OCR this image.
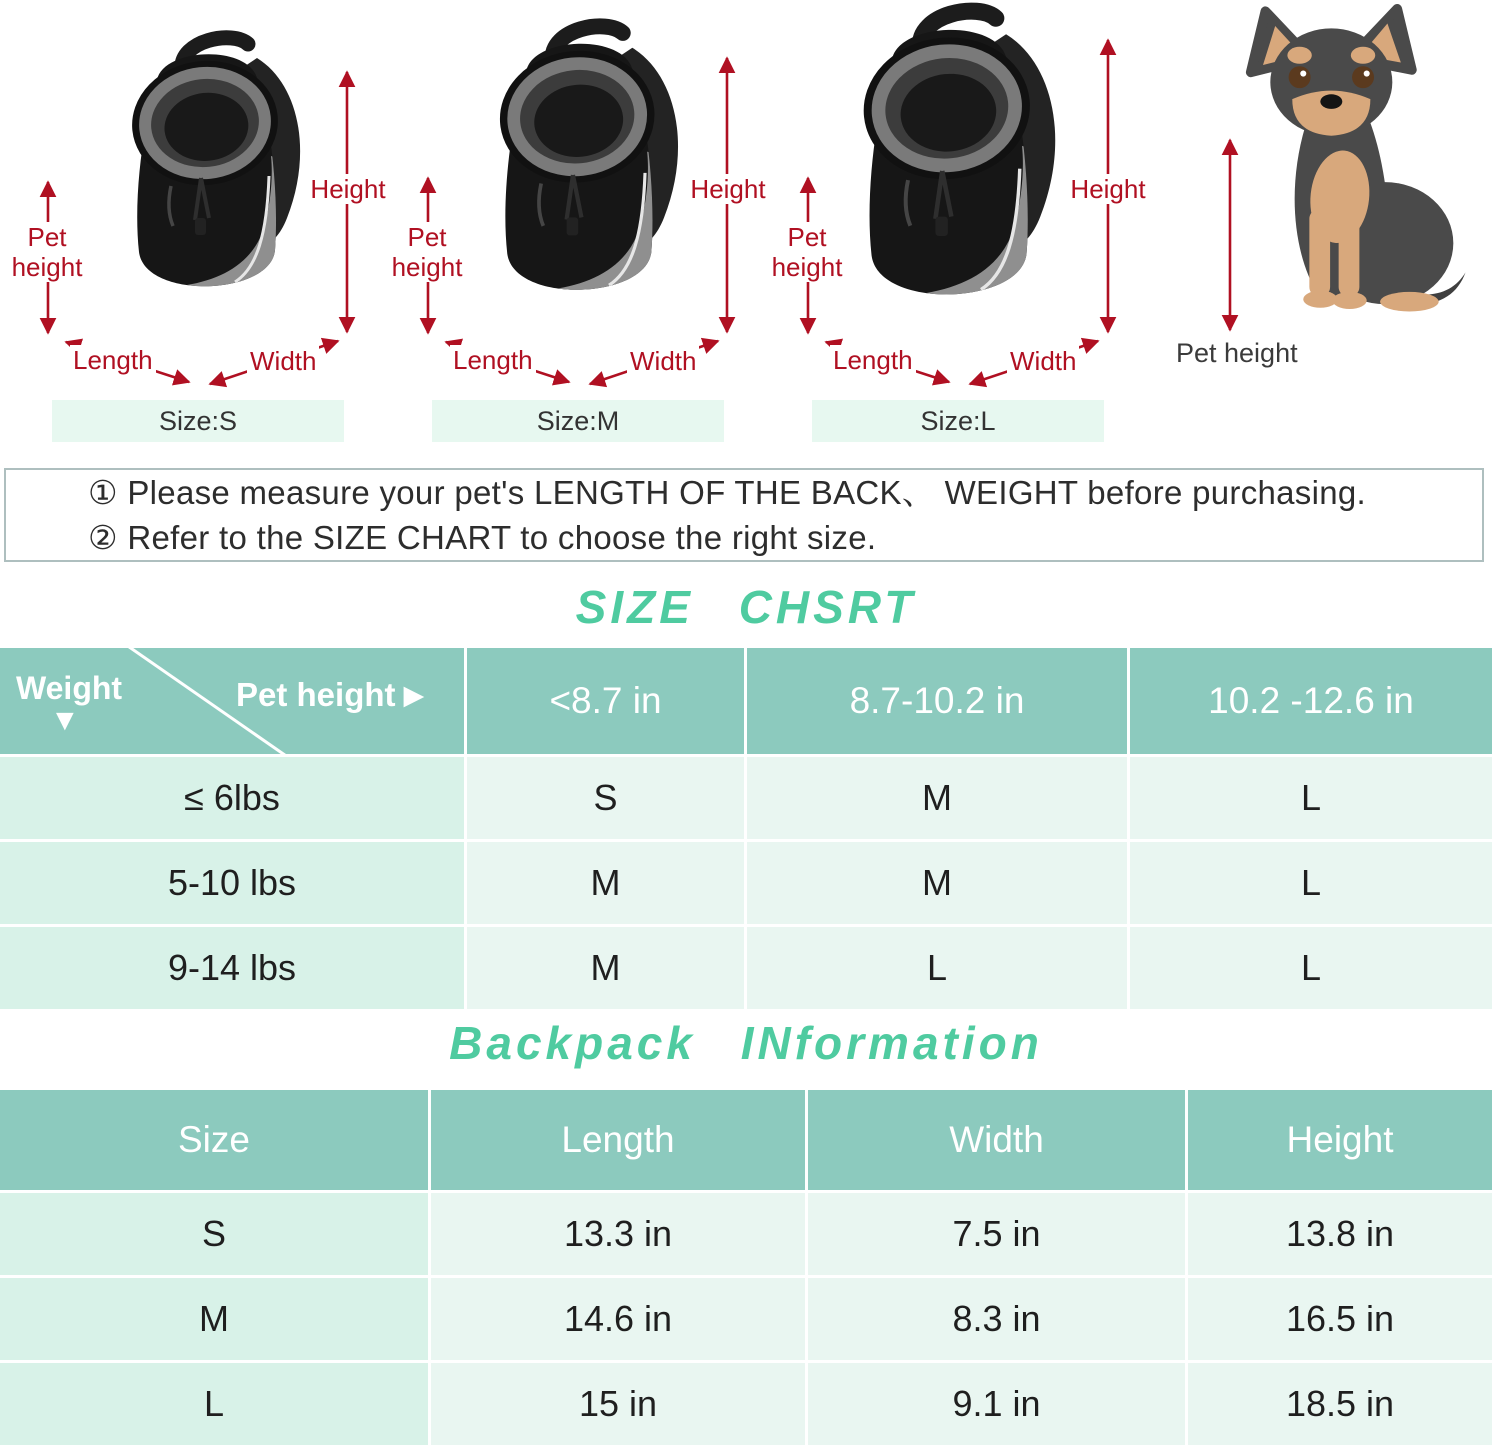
Pet height
Height
Length	Width
Size:S
Pet height
Height
Length	Width
Size:M
Pet height
Height
Length	Width
Size:L
Pet height
① Please measure your pet's LENGTH OF THE BACK、 WEIGHT before purchasing.
② Refer to the SIZE CHART to choose the right size.
SIZE CHSRT
Weight
▼
Pet height ▶	<8.7 in	8.7-10.2 in	10.2 -12.6 in
≤ 6lbs	S	M	L
5-10 lbs	M	M	L
9-14 lbs	M	L	L
Backpack INformation
Size	Length	Width	Height
S	13.3 in	7.5 in	13.8 in
M	14.6 in	8.3 in	16.5 in
L	15 in	9.1 in	18.5 in
